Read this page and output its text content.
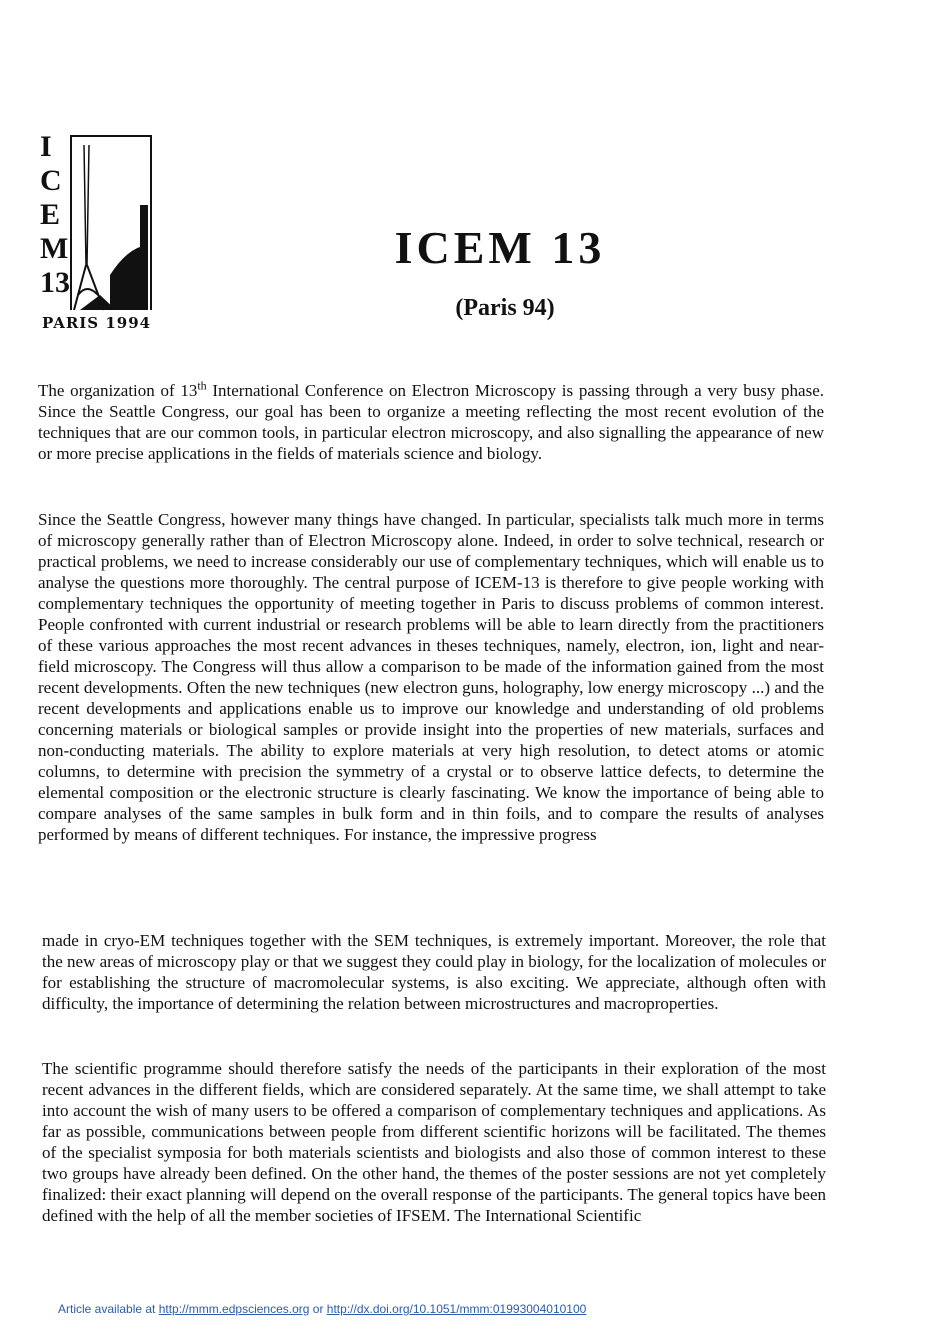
I
C
E
M
13
PARIS 1994
ICEM 13
(Paris 94)

The organization of 13th International Conference on Electron Microscopy is passing through a very busy phase. Since the Seattle Congress, our goal has been to organize a meeting reflecting the most recent evolution of the techniques that are our common tools, in particular electron microscopy, and also signalling the appearance of new or more precise applications in the fields of materials science and biology.

Since the Seattle Congress, however many things have changed. In particular, specialists talk much more in terms of microscopy generally rather than of Electron Microscopy alone. Indeed, in order to solve technical, research or practical problems, we need to increase considerably our use of complementary techniques, which will enable us to analyse the questions more thoroughly. The central purpose of ICEM-13 is therefore to give people working with complementary techniques the opportunity of meeting together in Paris to discuss problems of common interest. People confronted with current industrial or research problems will be able to learn directly from the practitioners of these various approaches the most recent advances in theses techniques, namely, electron, ion, light and near-field microscopy. The Congress will thus allow a comparison to be made of the information gained from the most recent developments. Often the new techniques (new electron guns, holography, low energy microscopy ...) and the recent developments and applications enable us to improve our knowledge and understanding of old problems concerning materials or biological samples or provide insight into the properties of new materials, surfaces and non-conducting materials. The ability to explore materials at very high resolution, to detect atoms or atomic columns, to determine with precision the symmetry of a crystal or to observe lattice defects, to determine the elemental composition or the electronic structure is clearly fascinating. We know the importance of being able to compare analyses of the same samples in bulk form and in thin foils, and to compare the results of analyses performed by means of different techniques. For instance, the impressive progress

made in cryo-EM techniques together with the SEM techniques, is extremely important. Moreover, the role that the new areas of microscopy play or that we suggest they could play in biology, for the localization of molecules or for establishing the structure of macromolecular systems, is also exciting. We appreciate, although often with difficulty, the importance of determining the relation between microstructures and macroproperties.

The scientific programme should therefore satisfy the needs of the participants in their exploration of the most recent advances in the different fields, which are considered separately. At the same time, we shall attempt to take into account the wish of many users to be offered a comparison of complementary techniques and applications. As far as possible, communications between people from different scientific horizons will be facilitated. The themes of the specialist symposia for both materials scientists and biologists and also those of common interest to these two groups have already been defined. On the other hand, the themes of the poster sessions are not yet completely finalized: their exact planning will depend on the overall response of the participants. The general topics have been defined with the help of all the member societies of IFSEM. The International Scientific

Article available at http://mmm.edpsciences.org or http://dx.doi.org/10.1051/mmm:01993004010100
